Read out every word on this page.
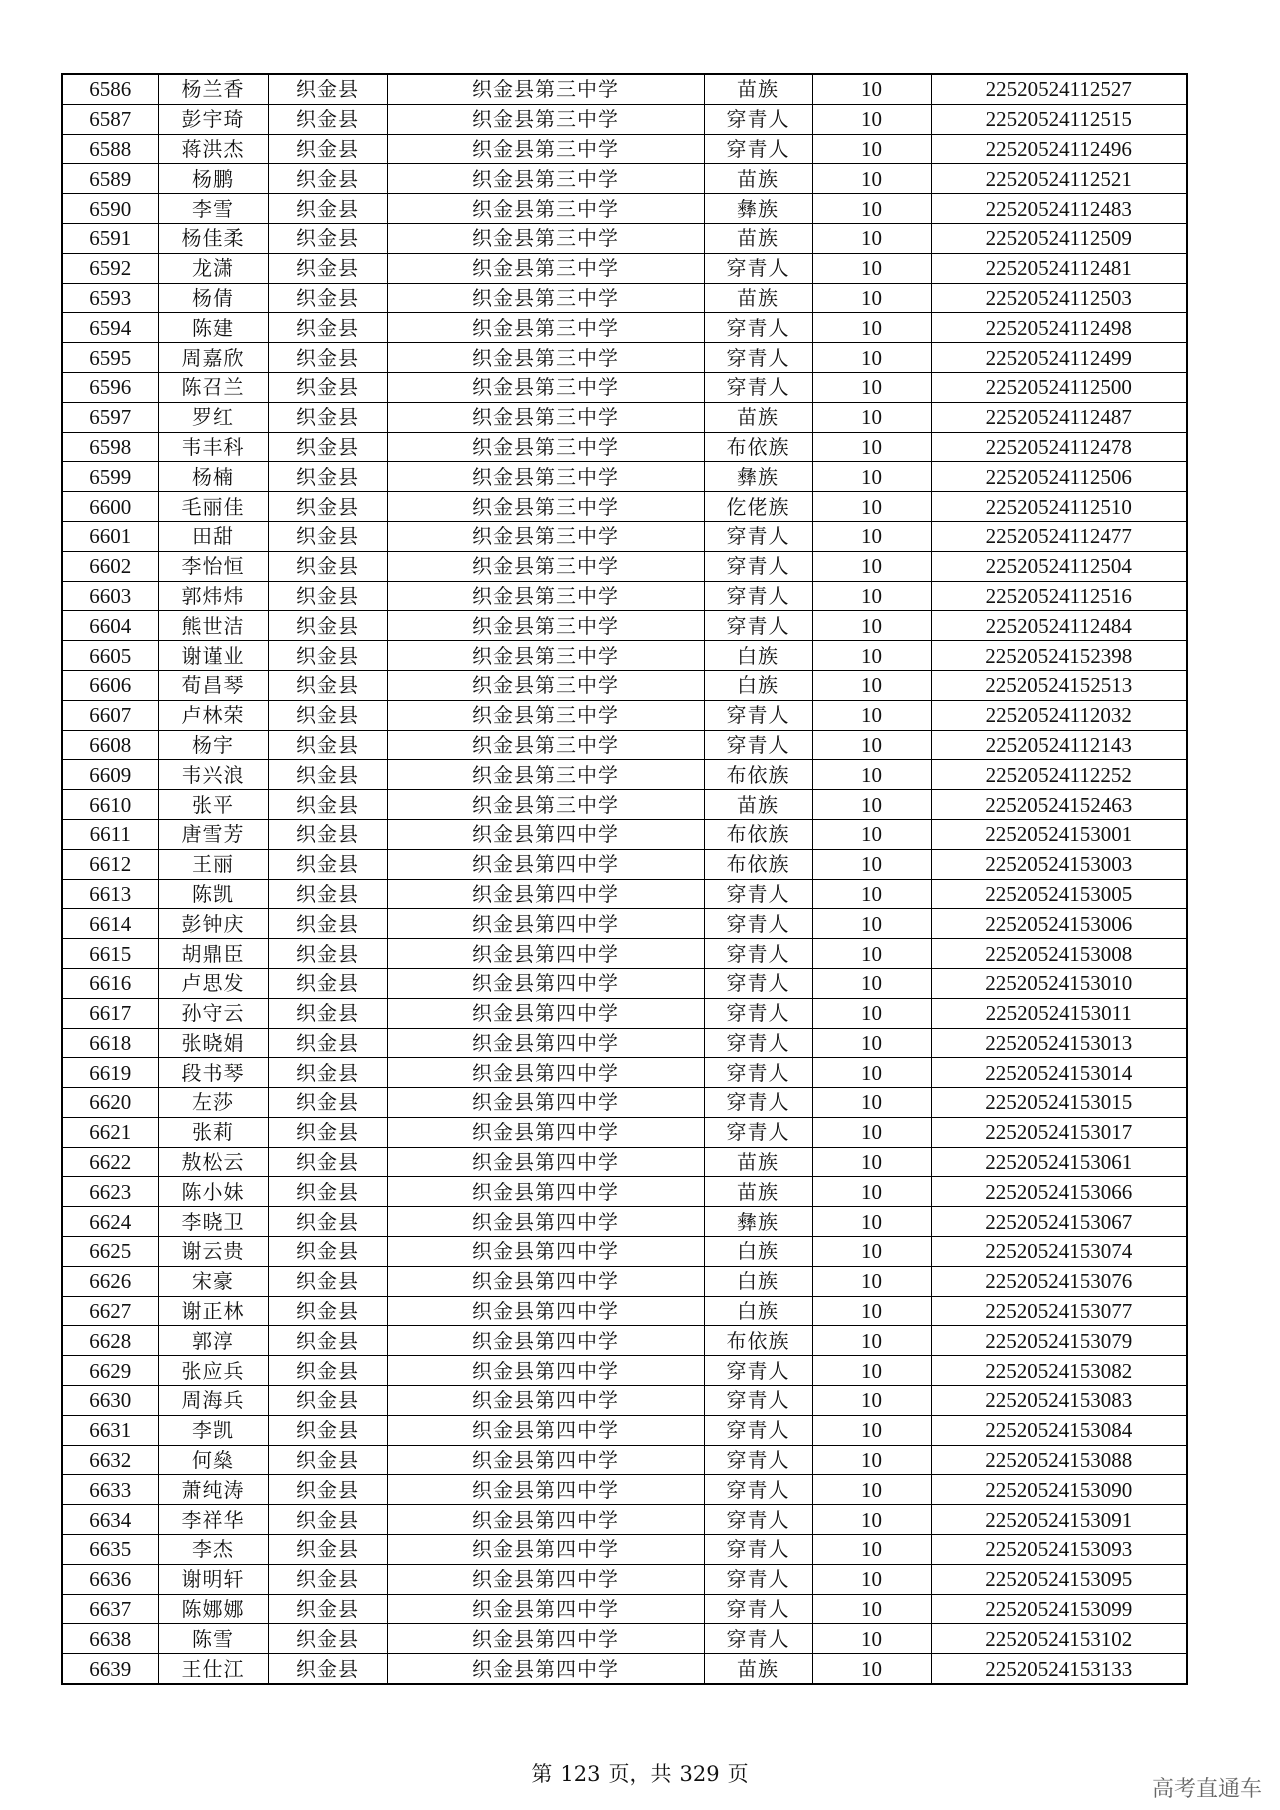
6586	杨兰香	织金县	织金县第三中学	苗族	10	22520524112527
6587	彭宇琦	织金县	织金县第三中学	穿青人	10	22520524112515
6588	蒋洪杰	织金县	织金县第三中学	穿青人	10	22520524112496
6589	杨鹏	织金县	织金县第三中学	苗族	10	22520524112521
6590	李雪	织金县	织金县第三中学	彝族	10	22520524112483
6591	杨佳柔	织金县	织金县第三中学	苗族	10	22520524112509
6592	龙潇	织金县	织金县第三中学	穿青人	10	22520524112481
6593	杨倩	织金县	织金县第三中学	苗族	10	22520524112503
6594	陈建	织金县	织金县第三中学	穿青人	10	22520524112498
6595	周嘉欣	织金县	织金县第三中学	穿青人	10	22520524112499
6596	陈召兰	织金县	织金县第三中学	穿青人	10	22520524112500
6597	罗红	织金县	织金县第三中学	苗族	10	22520524112487
6598	韦丰科	织金县	织金县第三中学	布依族	10	22520524112478
6599	杨楠	织金县	织金县第三中学	彝族	10	22520524112506
6600	毛丽佳	织金县	织金县第三中学	仡佬族	10	22520524112510
6601	田甜	织金县	织金县第三中学	穿青人	10	22520524112477
6602	李怡恒	织金县	织金县第三中学	穿青人	10	22520524112504
6603	郭炜炜	织金县	织金县第三中学	穿青人	10	22520524112516
6604	熊世洁	织金县	织金县第三中学	穿青人	10	22520524112484
6605	谢谨业	织金县	织金县第三中学	白族	10	22520524152398
6606	荀昌琴	织金县	织金县第三中学	白族	10	22520524152513
6607	卢林荣	织金县	织金县第三中学	穿青人	10	22520524112032
6608	杨宇	织金县	织金县第三中学	穿青人	10	22520524112143
6609	韦兴浪	织金县	织金县第三中学	布依族	10	22520524112252
6610	张平	织金县	织金县第三中学	苗族	10	22520524152463
6611	唐雪芳	织金县	织金县第四中学	布依族	10	22520524153001
6612	王丽	织金县	织金县第四中学	布依族	10	22520524153003
6613	陈凯	织金县	织金县第四中学	穿青人	10	22520524153005
6614	彭钟庆	织金县	织金县第四中学	穿青人	10	22520524153006
6615	胡鼎臣	织金县	织金县第四中学	穿青人	10	22520524153008
6616	卢思发	织金县	织金县第四中学	穿青人	10	22520524153010
6617	孙守云	织金县	织金县第四中学	穿青人	10	22520524153011
6618	张晓娟	织金县	织金县第四中学	穿青人	10	22520524153013
6619	段书琴	织金县	织金县第四中学	穿青人	10	22520524153014
6620	左莎	织金县	织金县第四中学	穿青人	10	22520524153015
6621	张莉	织金县	织金县第四中学	穿青人	10	22520524153017
6622	敖松云	织金县	织金县第四中学	苗族	10	22520524153061
6623	陈小妹	织金县	织金县第四中学	苗族	10	22520524153066
6624	李晓卫	织金县	织金县第四中学	彝族	10	22520524153067
6625	谢云贵	织金县	织金县第四中学	白族	10	22520524153074
6626	宋豪	织金县	织金县第四中学	白族	10	22520524153076
6627	谢正林	织金县	织金县第四中学	白族	10	22520524153077
6628	郭淳	织金县	织金县第四中学	布依族	10	22520524153079
6629	张应兵	织金县	织金县第四中学	穿青人	10	22520524153082
6630	周海兵	织金县	织金县第四中学	穿青人	10	22520524153083
6631	李凯	织金县	织金县第四中学	穿青人	10	22520524153084
6632	何燊	织金县	织金县第四中学	穿青人	10	22520524153088
6633	萧纯涛	织金县	织金县第四中学	穿青人	10	22520524153090
6634	李祥华	织金县	织金县第四中学	穿青人	10	22520524153091
6635	李杰	织金县	织金县第四中学	穿青人	10	22520524153093
6636	谢明轩	织金县	织金县第四中学	穿青人	10	22520524153095
6637	陈娜娜	织金县	织金县第四中学	穿青人	10	22520524153099
6638	陈雪	织金县	织金县第四中学	穿青人	10	22520524153102
6639	王仕江	织金县	织金县第四中学	苗族	10	22520524153133
第 123 页，共 329 页
高考直通车
